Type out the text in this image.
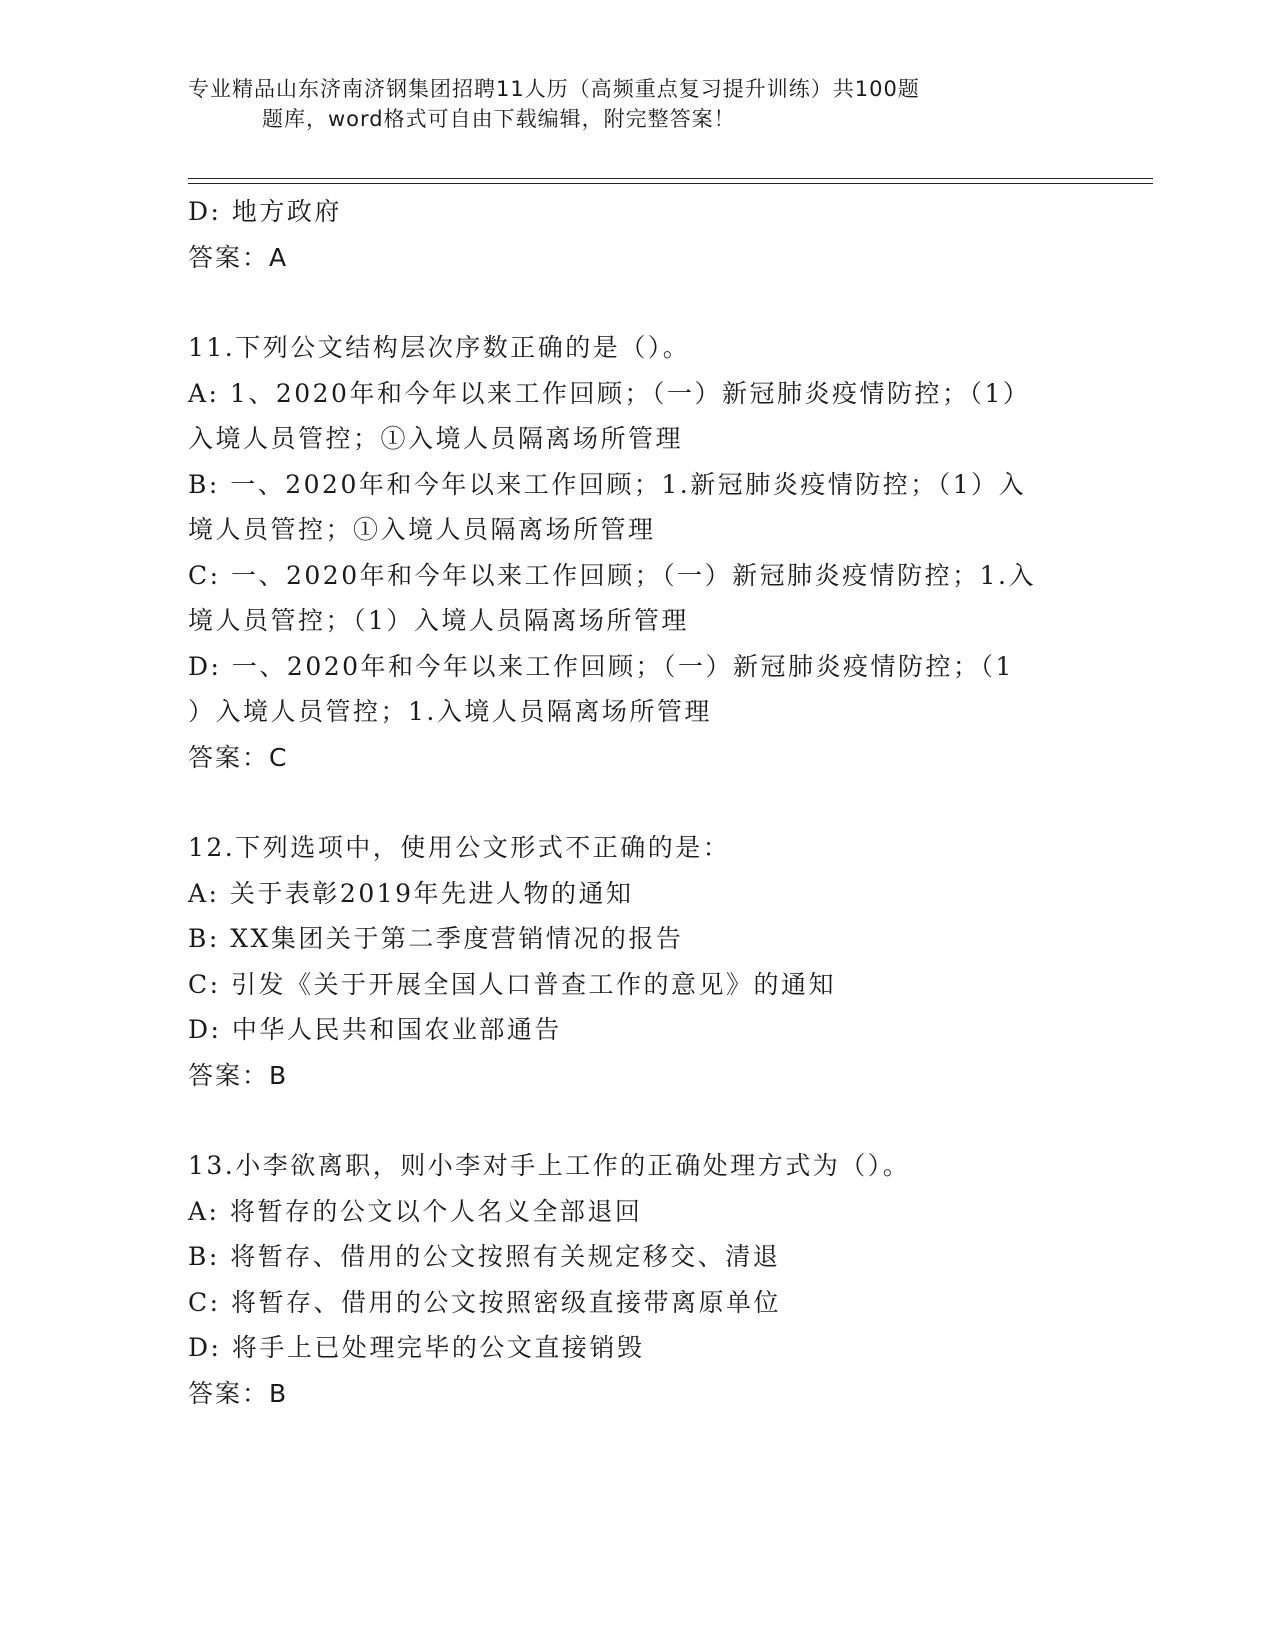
专业精品山东济南济钢集团招聘11人历（高频重点复习提升训练）共100题
题库，word格式可自由下载编辑，附完整答案！

D: 地方政府

答案：A

11.下列公文结构层次序数正确的是（）。

A: 1、2020年和今年以来工作回顾；（一）新冠肺炎疫情防控；（1）

入境人员管控；①入境人员隔离场所管理

B: 一、2020年和今年以来工作回顾；1.新冠肺炎疫情防控；（1）入

境人员管控；①入境人员隔离场所管理

C: 一、2020年和今年以来工作回顾；（一）新冠肺炎疫情防控；1.入

境人员管控；（1）入境人员隔离场所管理

D: 一、2020年和今年以来工作回顾；（一）新冠肺炎疫情防控；（1

）入境人员管控；1.入境人员隔离场所管理

答案：C

12.下列选项中，使用公文形式不正确的是：

A: 关于表彰2019年先进人物的通知

B: XX集团关于第二季度营销情况的报告

C: 引发《关于开展全国人口普查工作的意见》的通知

D: 中华人民共和国农业部通告

答案：B

13.小李欲离职，则小李对手上工作的正确处理方式为（）。

A: 将暂存的公文以个人名义全部退回

B: 将暂存、借用的公文按照有关规定移交、清退

C: 将暂存、借用的公文按照密级直接带离原单位

D: 将手上已处理完毕的公文直接销毁

答案：B
